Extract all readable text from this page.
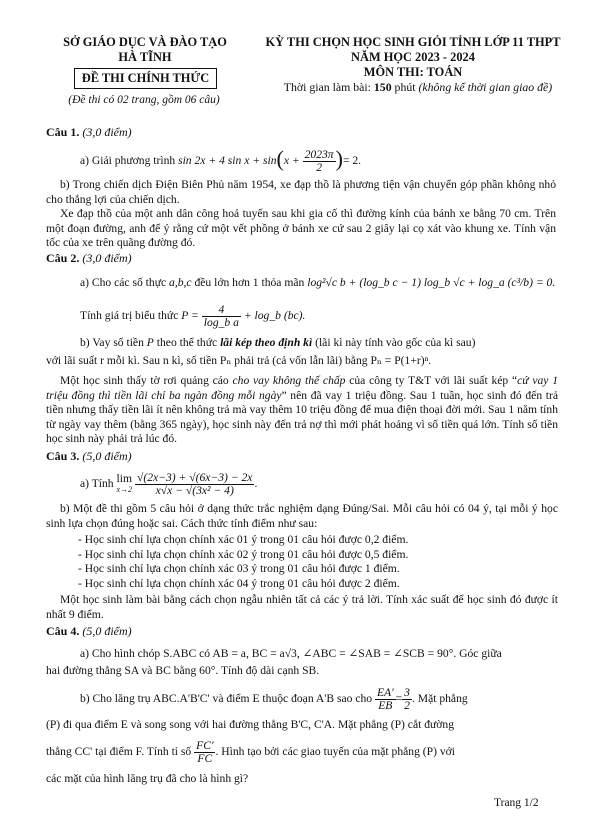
SỞ GIÁO DỤC VÀ ĐÀO TẠO
HÀ TĨNH
ĐỀ THI CHÍNH THỨC
(Đề thi có 02 trang, gồm 06 câu)
KỲ THI CHỌN HỌC SINH GIỎI TỈNH LỚP 11 THPT
NĂM HỌC 2023 - 2024
MÔN THI: TOÁN
Thời gian làm bài: 150 phút (không kể thời gian giao đề)
Câu 1. (3,0 điểm)
a) Giải phương trình sin 2x + 4 $\sin x + \sin(x + \frac{2023\pi}{2}$ )= 2.
b) Trong chiến dịch Điện Biên Phủ năm 1954, xe đạp thồ là phương tiện vận chuyển góp phần không nhỏ cho thắng lợi của chiến dịch.
Xe đạp thồ của một anh dân công hoả tuyến sau khi gia cố thì đường kính của bánh xe bằng 70 cm. Trên một đoạn đường, anh để ý rằng cứ một vết phồng ở bánh xe cứ sau 2 giây lại cọ xát vào khung xe. Tính vận tốc của xe trên quãng đường đó.
Câu 2. (3,0 điểm)
a) Cho các số thực a,b,c đều lớn hơn 1 thỏa mãn log²√c b + (log_b c − 1) log_b √c + log_a (c³/b) = 0.
Tính giá trị biểu thức $P = \frac{4}{\text{log\_b a}}$ + log_b (bc).
b) Vay số tiền P theo thể thức lãi kép theo định kì (lãi kì này tính vào gốc của kì sau)
với lãi suất r mỗi kì. Sau n kì, số tiền Pₙ phải trả (cả vốn lẫn lãi) bằng Pₙ = P(1+r)ⁿ.
Một học sinh thấy tờ rơi quảng cáo cho vay không thế chấp của công ty T&T với lãi suất kép “cứ vay 1 triệu đồng thì tiền lãi chỉ ba ngàn đồng mỗi ngày” nên đã vay 1 triệu đồng. Sau 1 tuần, học sinh đó đến trả tiền nhưng thấy tiền lãi ít nên không trả mà vay thêm 10 triệu đồng để mua điện thoại đời mới. Sau 1 năm tính từ ngày vay thêm (bằng 365 ngày), học sinh này đến trả nợ thì mới phát hoảng vì số tiền quá lớn. Tính số tiền học sinh này phải trả lúc đó.
Câu 3. (5,0 điểm)
a) Tính lim
x→2
$\frac{√(2x-3) + √(6x-3) - 2x}{\text{x√x − √(3x² − 4)}}$ .
b) Một đề thi gồm 5 câu hỏi ở dạng thức trắc nghiệm dạng Đúng/Sai. Mỗi câu hỏi có 04 ý, tại mỗi ý học sinh lựa chọn đúng hoặc sai. Cách thức tính điểm như sau:
- Học sinh chỉ lựa chọn chính xác 01 ý trong 01 câu hỏi được 0,2 điểm.
- Học sinh chỉ lựa chọn chính xác 02 ý trong 01 câu hỏi được 0,5 điểm.
- Học sinh chỉ lựa chọn chính xác 03 ý trong 01 câu hỏi được 1 điểm.
- Học sinh chỉ lựa chọn chính xác 04 ý trong 01 câu hỏi được 2 điểm.
Một học sinh làm bài bằng cách chọn ngẫu nhiên tất cả các ý trả lời. Tính xác suất để học sinh đó được ít nhất 9 điểm.
Câu 4. (5,0 điểm)
a) Cho hình chóp S.ABC có AB = a, BC = a√3, ∠ABC = ∠SAB = ∠SCB = 90°. Góc giữa
hai đường thẳng SA và BC bằng 60°. Tính độ dài cạnh SB.
b) Cho lăng trụ ABC.A'B'C' và điểm E thuộc đoạn A'B sao cho $\frac{EA'}{EB} = \frac{3}{2}$ . Mặt phẳng
(P) đi qua điểm E và song song với hai đường thẳng B'C, C'A. Mặt phẳng (P) cắt đường
thẳng CC' tại điểm F. Tính tỉ số $\frac{FC'}{FC}$ . Hình tạo bởi các giao tuyến của mặt phẳng (P) với
các mặt của hình lăng trụ đã cho là hình gì?
Trang 1/2
